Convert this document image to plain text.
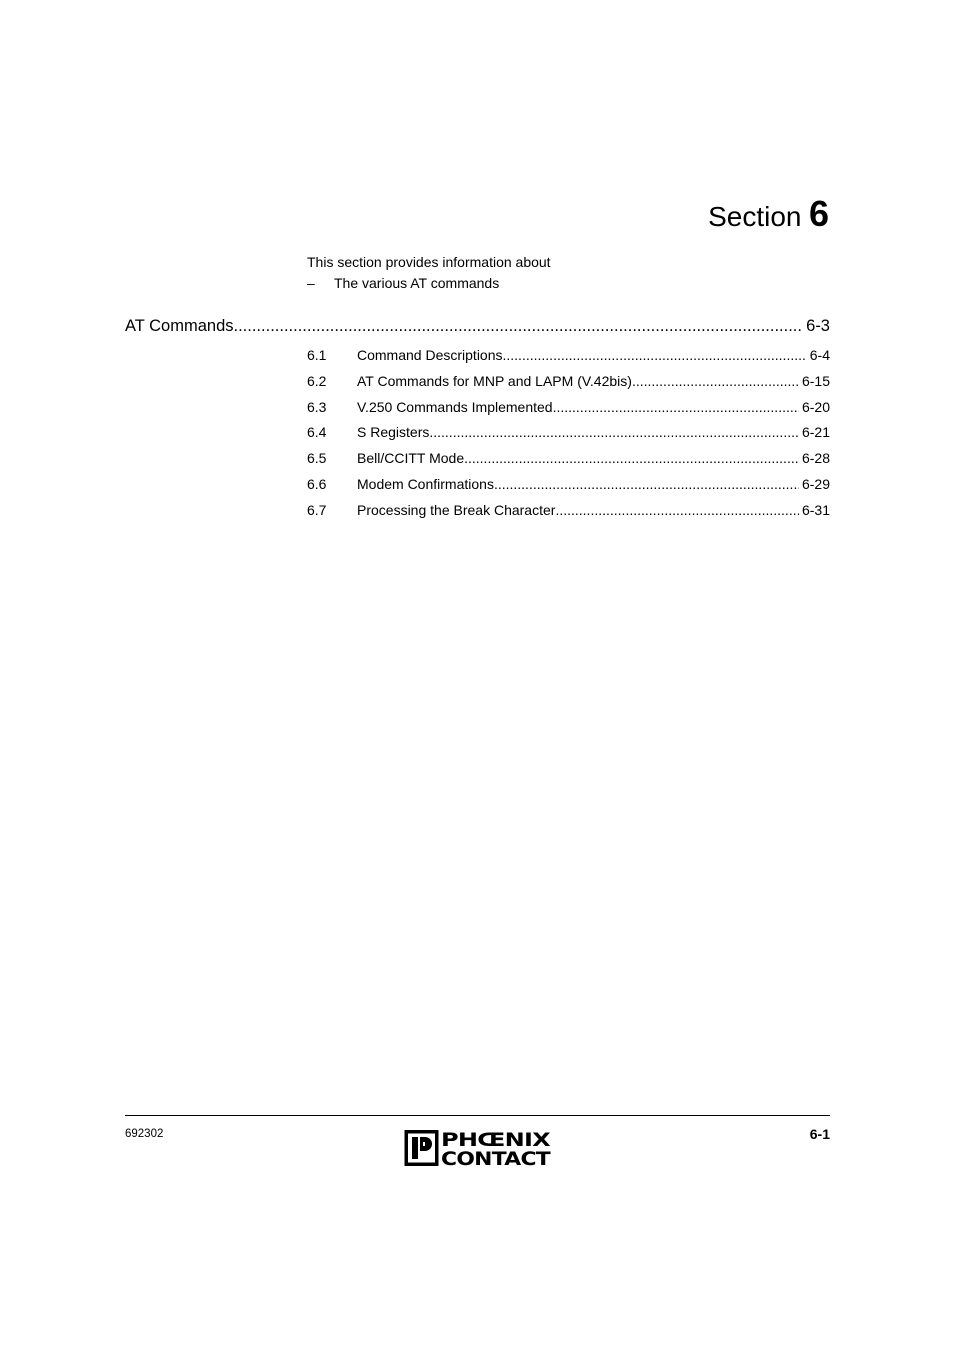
Section 6
This section provides information about
–	The various AT commands
AT Commands .....	6-3
6.1	Command Descriptions .....	6-4
6.2	AT Commands for MNP and LAPM (V.42bis) .....	6-15
6.3	V.250 Commands Implemented .....	6-20
6.4	S Registers .....	6-21
6.5	Bell/CCITT Mode .....	6-28
6.6	Modem Confirmations .....	6-29
6.7	Processing the Break Character .....	6-31
692302	PHŒNIX
CONTACT
6-1
